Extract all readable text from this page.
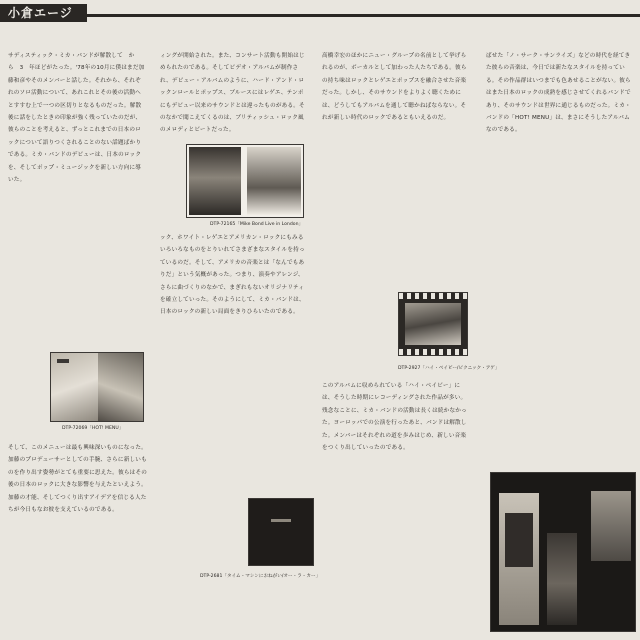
小倉エージ

サディスティック・ミカ・バンドが解散して　か　ら　3　年ほどがたった。'78年の10月に僕はまだ加藤和彦やそのメンバーと話した。それから、それぞれのソロ活動について、あれこれとその後の活動へとすすむ上で一つの区切りとなるものだった。解散後に話をしたときの印象が強く残っていたのだが、彼らのことを考えると、ずっとこれまでの日本のロックについて語りつくされることのない話題ばかりである。ミカ・バンドのデビューは、日本のロックを、そしてポップ・ミュージックを新しい方向に導いた。

DTP-72069「HOT! MENU」

そして、このメニューは最も興味深いものになった。加藤のプロデューサーとしての手腕、さらに新しいものを作り出す姿勢がとても重要に思えた。彼らはその後の日本のロックに大きな影響を与えたといえよう。加藤の才能、そしてつくり出すアイデアを信じる人たちが今日もなお彼を支えているのである。

ィングが開始された。また、コンサート活動も開始はじめられたのである。そしてビデオ・アルバムが制作され、デビュー・アルバムのように、ハード・アンド・ロックンロールとポップス、ブルースにはレゲエ、テンポにもデビュー以来のサウンドとは違ったものがある。そのなかで聞こえてくるのは、ブリティッシュ・ロック風のメロディとビートだった。

DTP-72165「Mike Bond Live in London」

ック、ホワイト・レゲエとアメリカン・ロックにもみるいろいろなものをとりいれてさまざまなスタイルを持っているのだ。そして、アメリカの音楽とは「なんでもありだ」という気概があった。つまり、演奏やアレンジ、さらに曲づくりのなかで、まぎれもないオリジナリティを確立していった。そのようにして、ミカ・バンドは、日本のロックの新しい局面をきりひらいたのである。

DTP-2681「タイム・マシンにおねがい/オー・ラ・カー」

高橋幸宏のほかにニュー・グループの名前として挙げられるのが、ボーカルとして加わった人たちである。彼らの持ち味はロックとレゲエとポップスを融合させた音楽だった。しかし、そのサウンドをよりよく聴くためには、どうしてもアルバムを通して聴かねばならない。それが新しい時代のロックであるともいえるのだ。

DTP-2927「ハイ・ベイビー/ピクニック・アゲ」

このアルバムに収められている「ハイ・ベイビー」には、そうした時期にレコーディングされた作品が多い。残念なことに、ミカ・バンドの活動は長くは続かなかった。ヨーロッパでの公演を行ったあと、バンドは解散した。メンバーはそれぞれの道を歩みはじめ、新しい音楽をつくり出していったのである。

ばせた「ノ・サーク・サンライズ」などの時代を経てきた彼らの音楽は、今日では新たなスタイルを持っている。その作品群はいつまでも色あせることがない。彼らはまた日本のロックの成熟を感じさせてくれるバンドであり、そのサウンドは世界に通じるものだった。ミカ・バンドの「HOT! MENU」は、まさにそうしたアルバムなのである。
